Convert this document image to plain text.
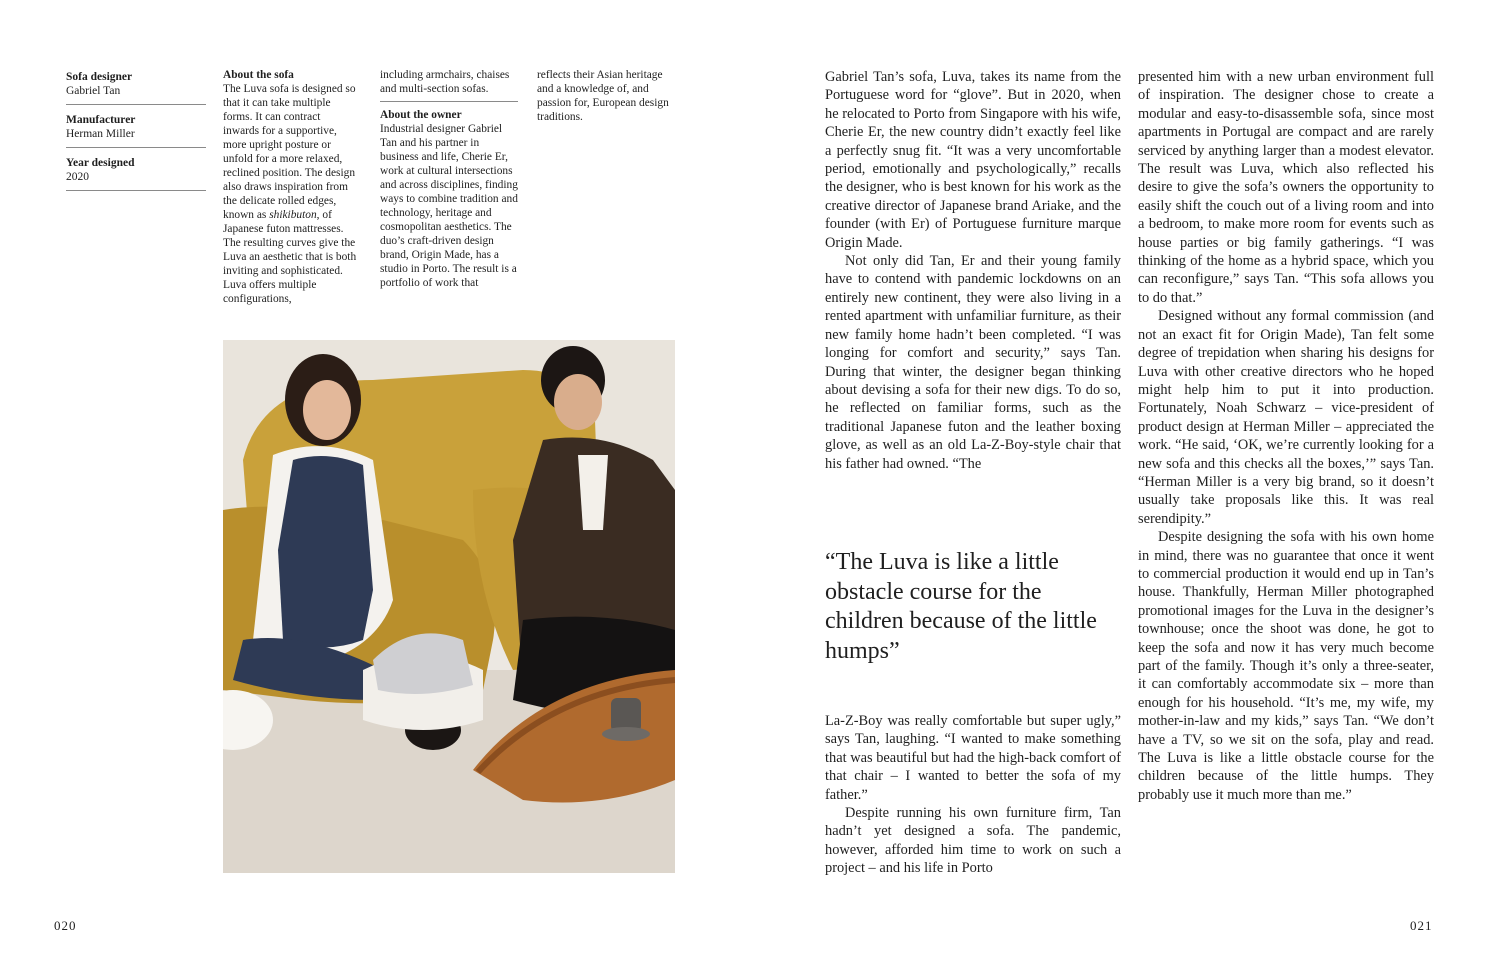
Sofa designer
Gabriel Tan
Manufacturer
Herman Miller
Year designed
2020

About the sofa

The Luva sofa is designed so that it can take multiple forms. It can contract inwards for a supportive, more upright posture or unfold for a more relaxed, reclined position. The design also draws inspiration from the delicate rolled edges, known as shikibuton, of Japanese futon mattresses. The resulting curves give the Luva an aesthetic that is both inviting and sophisticated. Luva offers multiple configurations,

including armchairs, chaises and multi-section sofas.

About the owner

Industrial designer Gabriel Tan and his partner in business and life, Cherie Er, work at cultural intersections and across disciplines, finding ways to combine tradition and technology, heritage and cosmopolitan aesthetics. The duo’s craft-driven design brand, Origin Made, has a studio in Porto. The result is a portfolio of work that

reflects their Asian heritage and a knowledge of, and passion for, European design traditions.

020	021

Gabriel Tan’s sofa, Luva, takes its name from the Portuguese word for “glove”. But in 2020, when he relocated to Porto from Singapore with his wife, Cherie Er, the new country didn’t exactly feel like a perfectly snug fit. “It was a very uncomfortable period, emotionally and psychologically,” recalls the designer, who is best known for his work as the creative director of Japanese brand Ariake, and the founder (with Er) of Portuguese furniture marque Origin Made.

Not only did Tan, Er and their young family have to contend with pandemic lockdowns on an entirely new continent, they were also living in a rented apartment with unfamiliar furniture, as their new family home hadn’t been completed. “I was longing for comfort and security,” says Tan. During that winter, the designer began thinking about devising a sofa for their new digs. To do so, he reflected on familiar forms, such as the traditional Japanese futon and the leather boxing glove, as well as an old La-Z-Boy-style chair that his father had owned. “The

“The Luva is like a little obstacle course for the children because of the little humps”

La-Z-Boy was really comfortable but super ugly,” says Tan, laughing. “I wanted to make something that was beautiful but had the high-back comfort of that chair – I wanted to better the sofa of my father.”

Despite running his own furniture firm, Tan hadn’t yet designed a sofa. The pandemic, however, afforded him time to work on such a project – and his life in Porto

presented him with a new urban environment full of inspiration. The designer chose to create a modular and easy-to-disassemble sofa, since most apartments in Portugal are compact and are rarely serviced by anything larger than a modest elevator. The result was Luva, which also reflected his desire to give the sofa’s owners the opportunity to easily shift the couch out of a living room and into a bedroom, to make more room for events such as house parties or big family gatherings. “I was thinking of the home as a hybrid space, which you can reconfigure,” says Tan. “This sofa allows you to do that.”

Designed without any formal commission (and not an exact fit for Origin Made), Tan felt some degree of trepidation when sharing his designs for Luva with other creative directors who he hoped might help him to put it into production. Fortunately, Noah Schwarz – vice-president of product design at Herman Miller – appreciated the work. “He said, ‘OK, we’re currently looking for a new sofa and this checks all the boxes,’” says Tan. “Herman Miller is a very big brand, so it doesn’t usually take proposals like this. It was real serendipity.”

Despite designing the sofa with his own home in mind, there was no guarantee that once it went to commercial production it would end up in Tan’s house. Thankfully, Herman Miller photographed promotional images for the Luva in the designer’s townhouse; once the shoot was done, he got to keep the sofa and now it has very much become part of the family. Though it’s only a three-seater, it can comfortably accommodate six – more than enough for his household. “It’s me, my wife, my mother-in-law and my kids,” says Tan. “We don’t have a TV, so we sit on the sofa, play and read. The Luva is like a little obstacle course for the children because of the little humps. They probably use it much more than me.”
